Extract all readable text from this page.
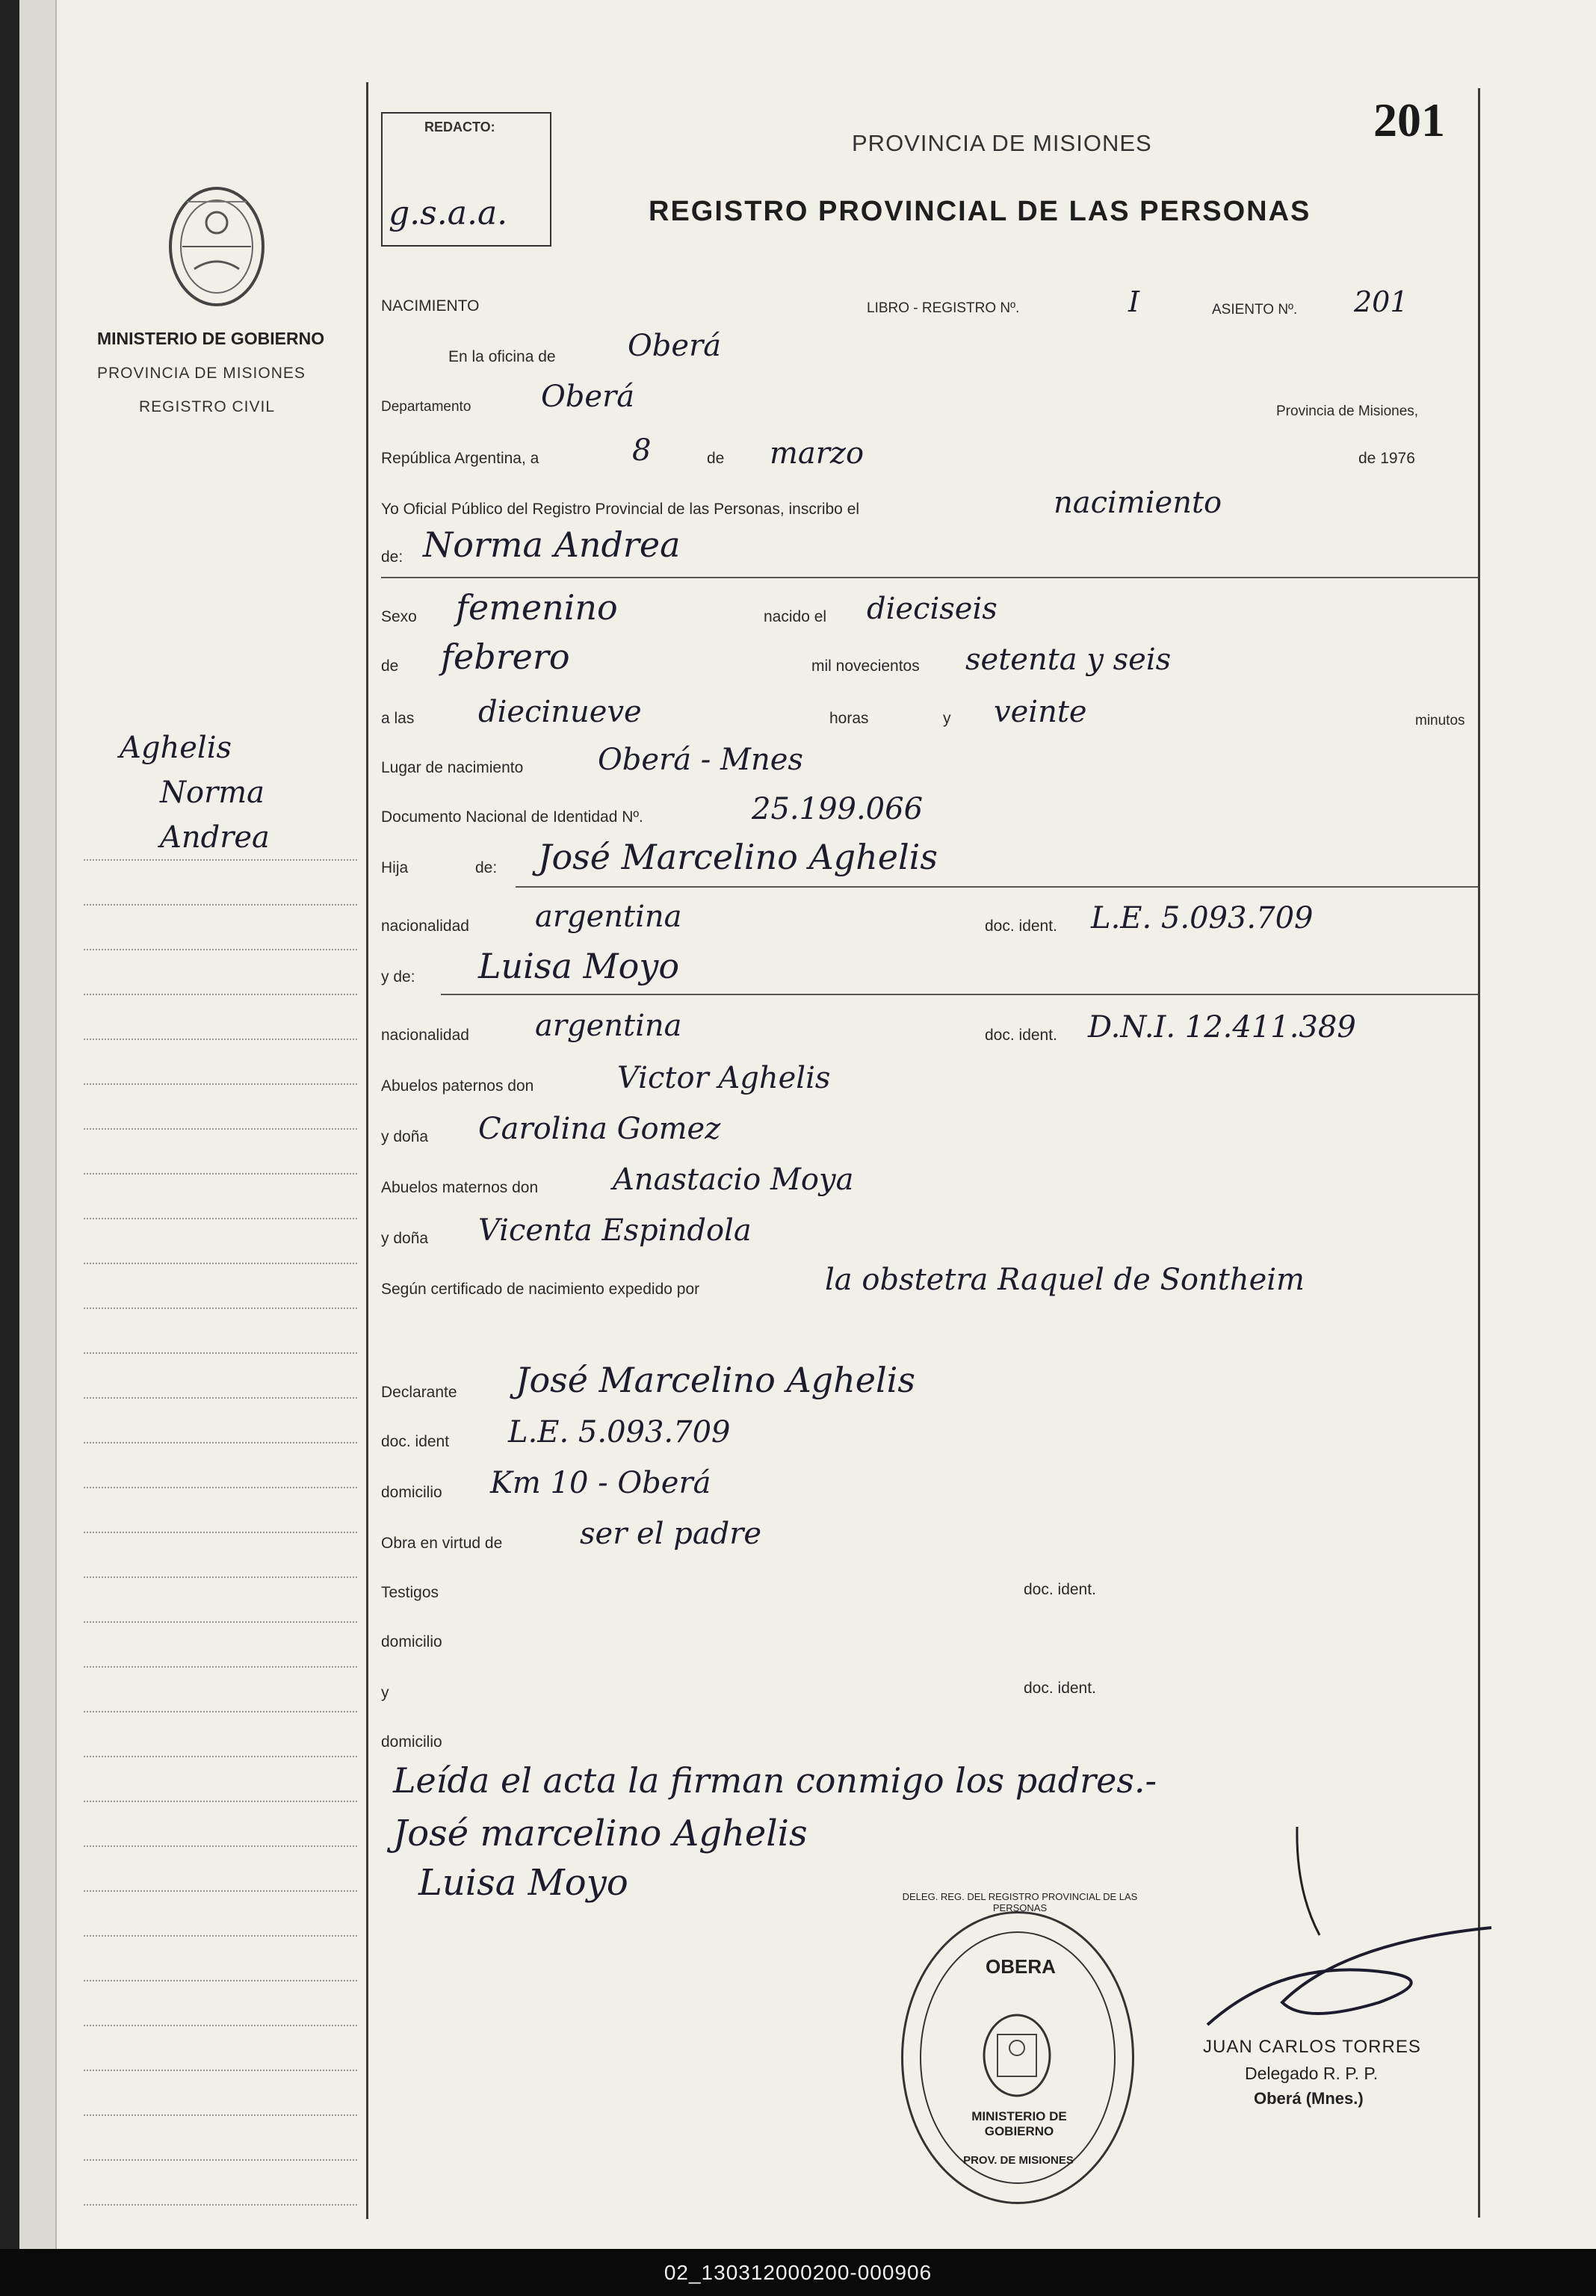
MINISTERIO DE GOBIERNO
PROVINCIA DE MISIONES
REGISTRO CIVIL
Aghelis
Norma
Andrea
REDACTO:
g.s.a.a.
PROVINCIA DE MISIONES
REGISTRO PROVINCIAL DE LAS PERSONAS
201
NACIMIENTO	LIBRO - REGISTRO Nº.	I	ASIENTO Nº. 201
En la oficina de Oberá
Departamento Oberá	Provincia de Misiones,
República Argentina, a	8	de marzo	de 1976
Yo Oficial Público del Registro Provincial de las Personas, inscribo el	nacimiento
de: Norma Andrea
Sexo femenino	nacido el dieciseis
de febrero	mil novecientos setenta y seis
a las diecinueve	horas	y veinte	minutos
Lugar de nacimiento Oberá - Mnes
Documento Nacional de Identidad Nº.	25.199.066
Hija	de: José Marcelino Aghelis
nacionalidad argentina	doc. ident. L.E. 5.093.709
y de: Luisa Moyo
nacionalidad argentina	doc. ident. D.N.I. 12.411.389
Abuelos paternos don	Victor Aghelis
y doña Carolina Gomez
Abuelos maternos don Anastacio Moya
y doña Vicenta Espindola
Según certificado de nacimiento expedido por	la obstetra Raquel de Sontheim
Declarante José Marcelino Aghelis
doc. ident L.E. 5.093.709
domicilio Km 10 - Oberá
Obra en virtud de	ser el padre
Testigos	doc. ident.
domicilio
y	doc. ident.
domicilio
Leída el acta la firman conmigo los padres.-
José marcelino Aghelis
Luisa Moyo
OBERA
MINISTERIO DE GOBIERNO
PROV. DE MISIONES
DELEG. REG. DEL REGISTRO PROVINCIAL DE LAS PERSONAS
JUAN CARLOS TORRES
Delegado R. P. P.
Oberá (Mnes.)
02_130312000200-000906
